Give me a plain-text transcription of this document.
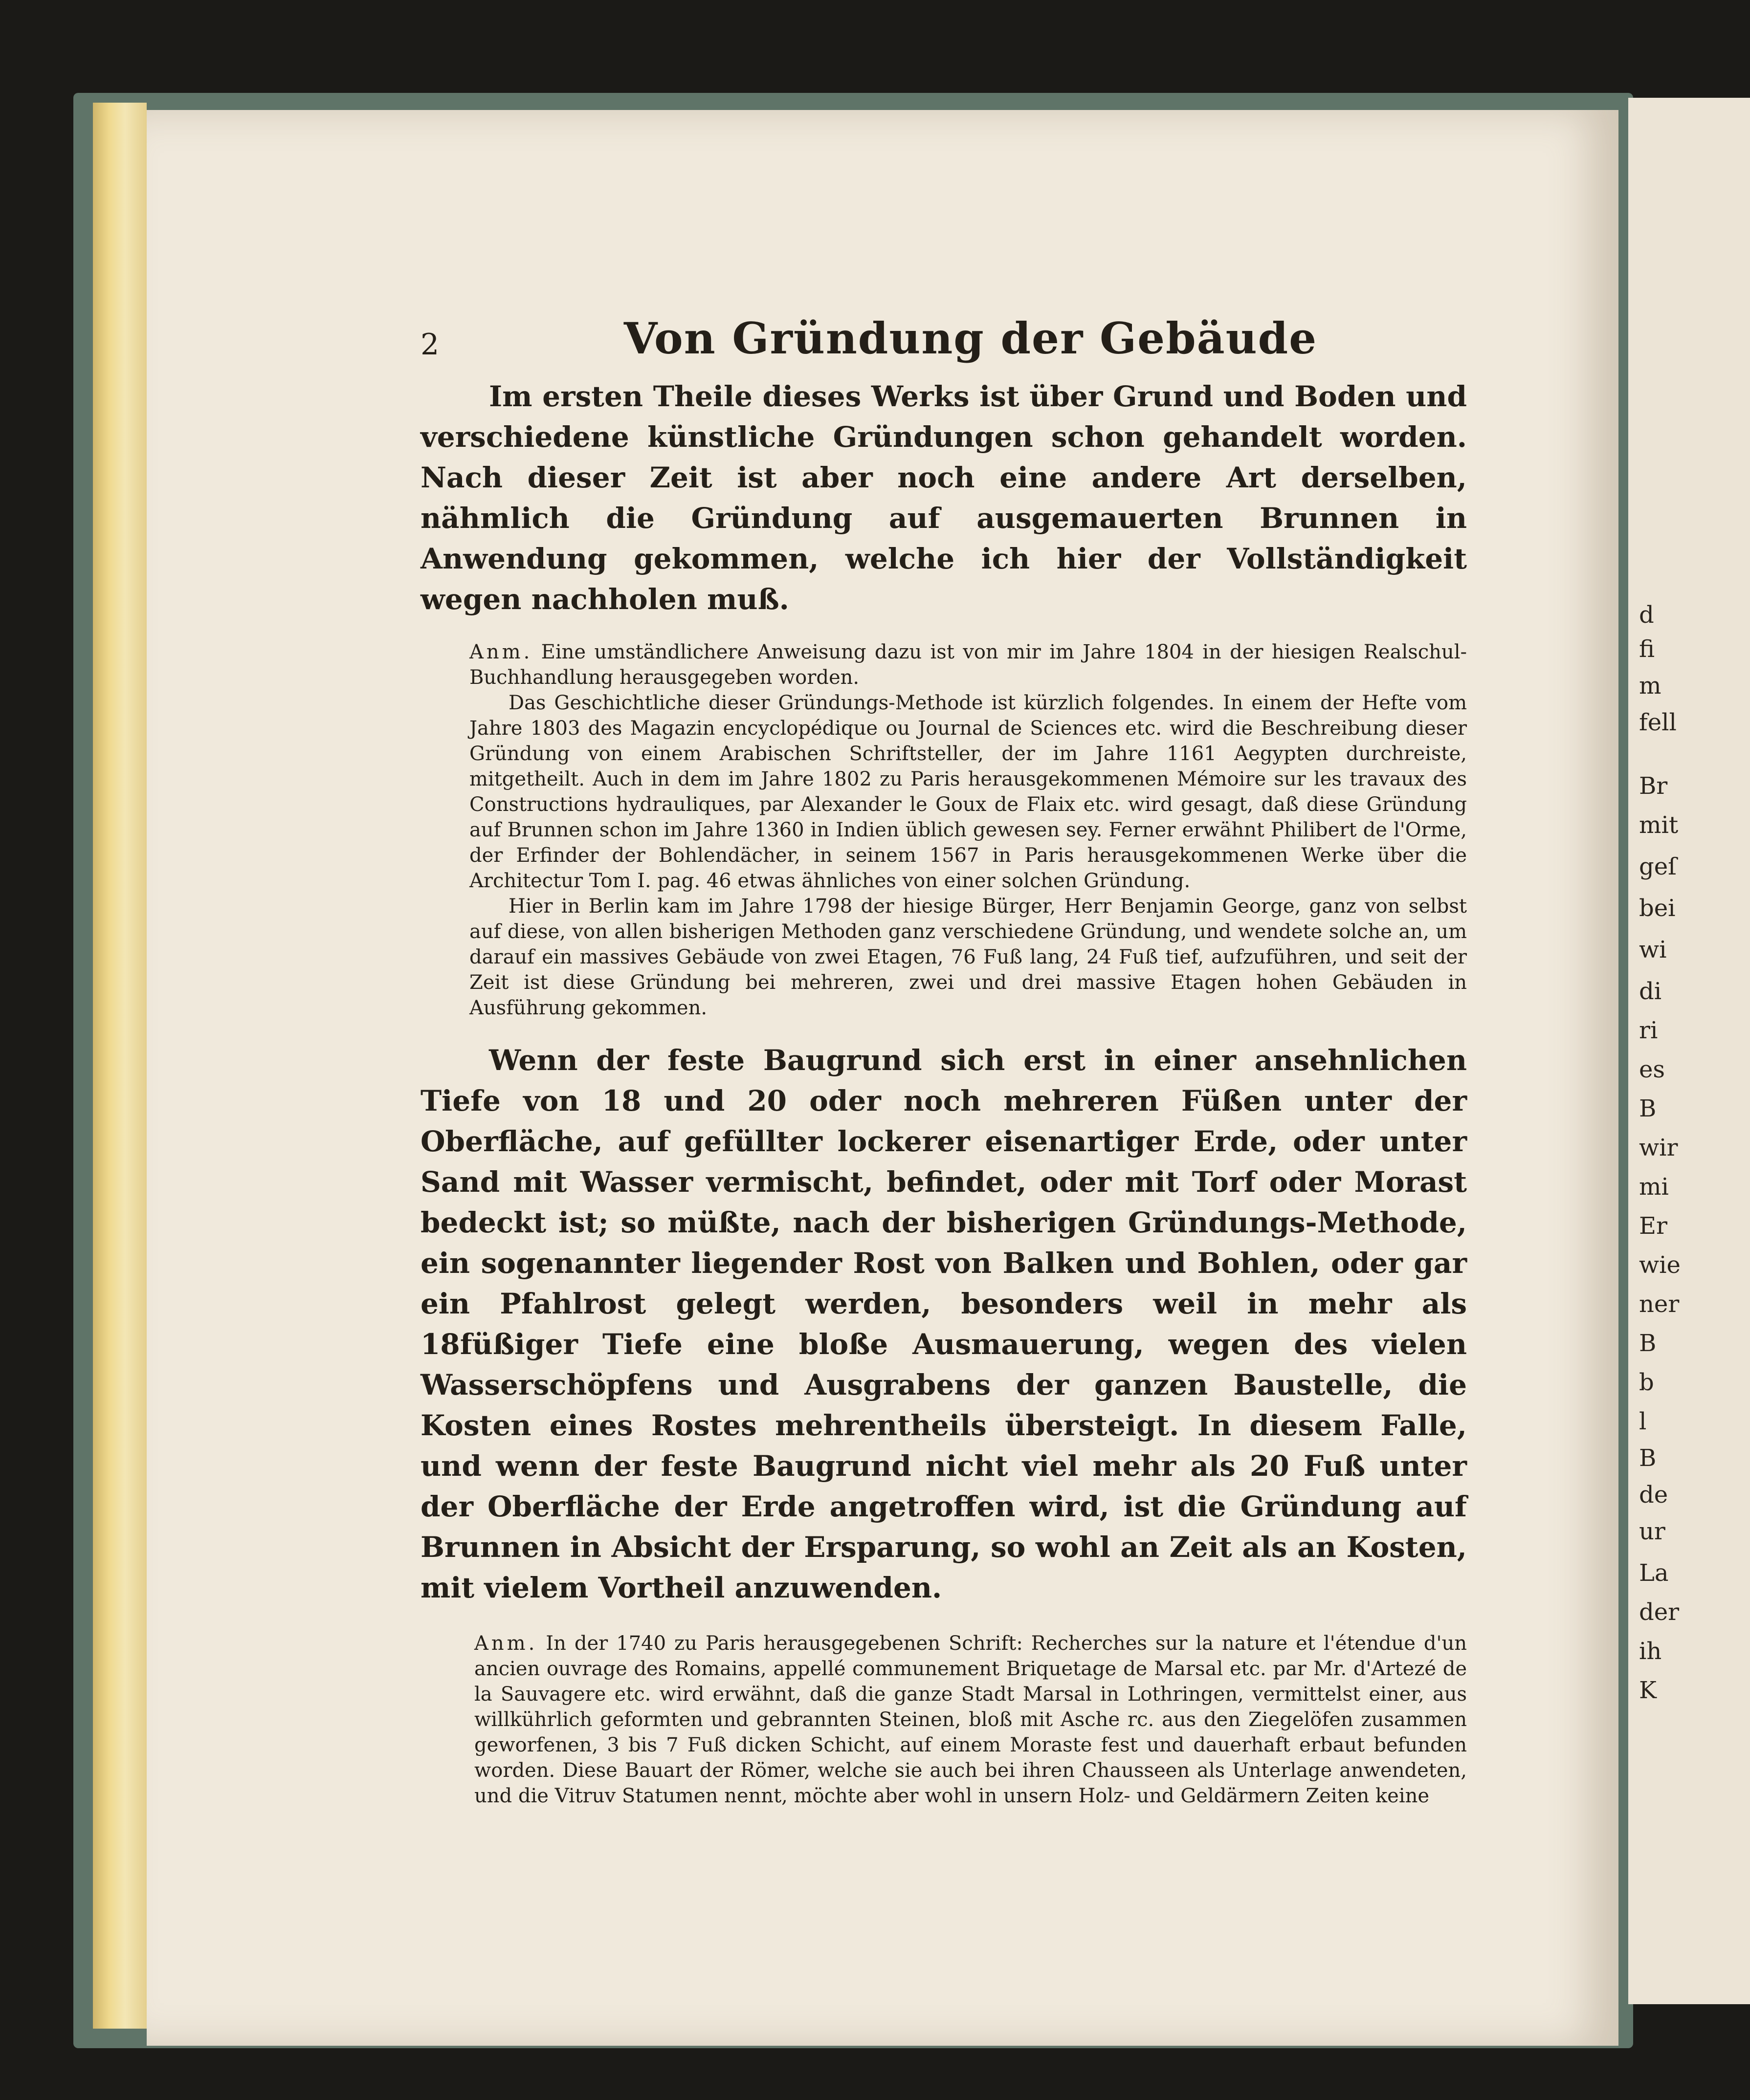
d
fi
m
fell
Br
mit
geſ
bei
wi
di
ri
es
B
wir
mi
Er
wie
ner
B
b
l
B
de
ur
La
der
ih
K
2	Von Gründung der Gebäude

Im ersten Theile dieses Werks ist über Grund und Boden und verschiedene künstliche Gründungen schon gehandelt worden. Nach dieser Zeit ist aber noch eine andere Art derselben, nähmlich die Gründung auf ausgemauerten Brunnen in Anwendung gekommen, welche ich hier der Vollständigkeit wegen nachholen muß.

Anm. Eine umständlichere Anweisung dazu ist von mir im Jahre 1804 in der hiesigen Realschul-Buchhandlung herausgegeben worden.

Das Geschichtliche dieser Gründungs-Methode ist kürzlich folgendes. In einem der Hefte vom Jahre 1803 des Magazin encyclopédique ou Journal de Sciences etc. wird die Beschreibung dieser Gründung von einem Arabischen Schriftsteller, der im Jahre 1161 Aegypten durchreiste, mitgetheilt. Auch in dem im Jahre 1802 zu Paris herausgekommenen Mémoire sur les travaux des Constructions hydrauliques, par Alexander le Goux de Flaix etc. wird gesagt, daß diese Gründung auf Brunnen schon im Jahre 1360 in Indien üblich gewesen sey. Ferner erwähnt Philibert de l'Orme, der Erfinder der Bohlendächer, in seinem 1567 in Paris herausgekommenen Werke über die Architectur Tom I. pag. 46 etwas ähnliches von einer solchen Gründung.

Hier in Berlin kam im Jahre 1798 der hiesige Bürger, Herr Benjamin George, ganz von selbst auf diese, von allen bisherigen Methoden ganz verschiedene Gründung, und wendete solche an, um darauf ein massives Gebäude von zwei Etagen, 76 Fuß lang, 24 Fuß tief, aufzuführen, und seit der Zeit ist diese Gründung bei mehreren, zwei und drei massive Etagen hohen Gebäuden in Ausführung gekommen.

Wenn der feste Baugrund sich erst in einer ansehnlichen Tiefe von 18 und 20 oder noch mehreren Füßen unter der Oberfläche, auf gefüllter lockerer eisenartiger Erde, oder unter Sand mit Wasser vermischt, befindet, oder mit Torf oder Morast bedeckt ist; so müßte, nach der bisherigen Gründungs-Methode, ein sogenannter liegender Rost von Balken und Bohlen, oder gar ein Pfahlrost gelegt werden, besonders weil in mehr als 18füßiger Tiefe eine bloße Ausmauerung, wegen des vielen Wasserschöpfens und Ausgrabens der ganzen Baustelle, die Kosten eines Rostes mehrentheils übersteigt. In diesem Falle, und wenn der feste Baugrund nicht viel mehr als 20 Fuß unter der Oberfläche der Erde angetroffen wird, ist die Gründung auf Brunnen in Absicht der Ersparung, so wohl an Zeit als an Kosten, mit vielem Vortheil anzuwenden.

Anm. In der 1740 zu Paris herausgegebenen Schrift: Recherches sur la nature et l'étendue d'un ancien ouvrage des Romains, appellé communement Briquetage de Marsal etc. par Mr. d'Artezé de la Sauvagere etc. wird erwähnt, daß die ganze Stadt Marsal in Lothringen, vermittelst einer, aus willkührlich geformten und gebrannten Steinen, bloß mit Asche rc. aus den Ziegelöfen zusammen geworfenen, 3 bis 7 Fuß dicken Schicht, auf einem Moraste fest und dauerhaft erbaut befunden worden. Diese Bauart der Römer, welche sie auch bei ihren Chausseen als Unterlage anwendeten, und die Vitruv Statumen nennt, möchte aber wohl in unsern Holz- und Geldärmern Zeiten keine
